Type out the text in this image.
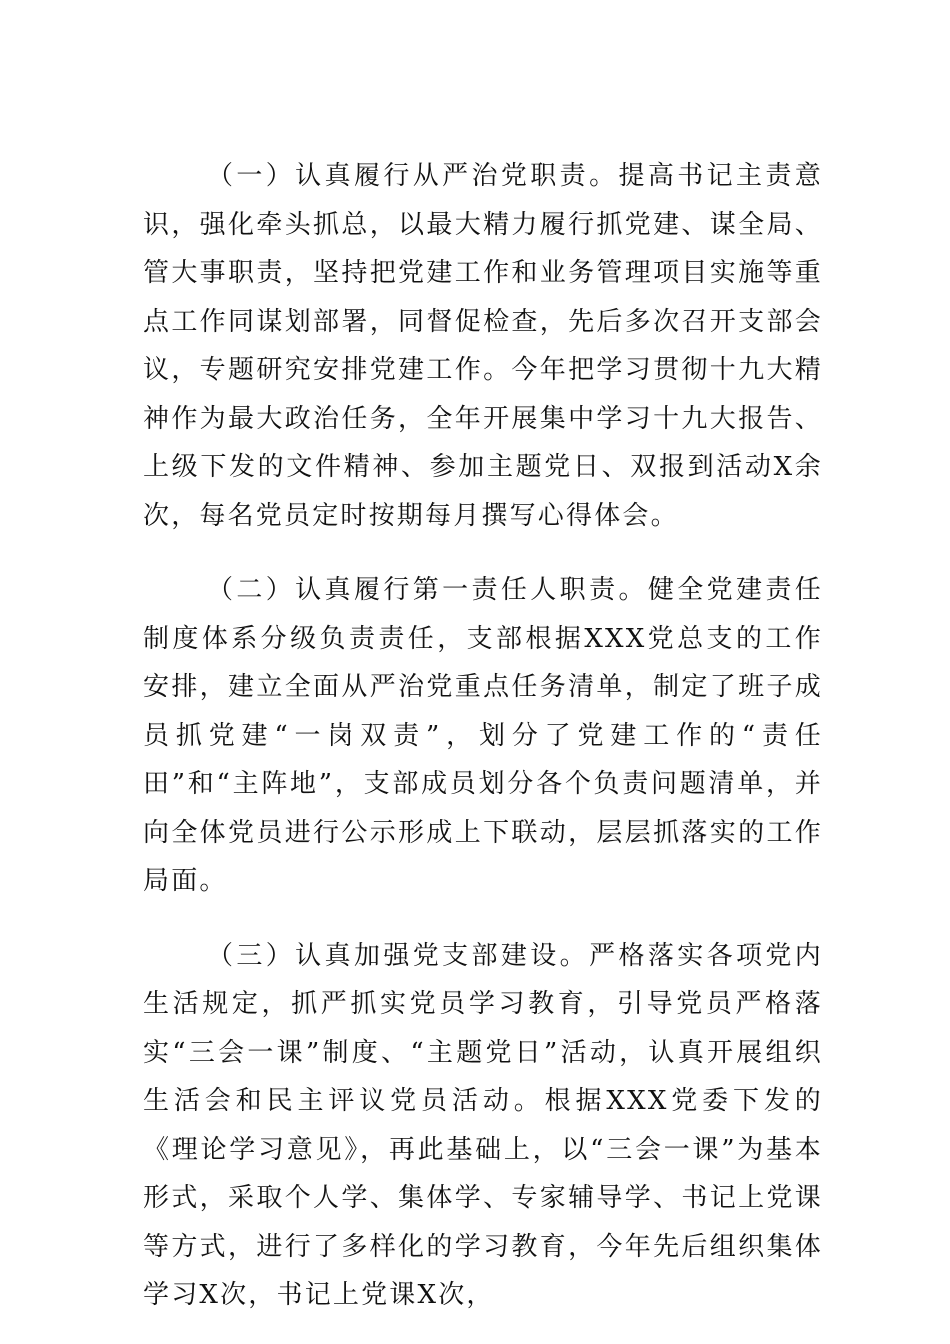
（一）认真履行从严治党职责。提高书记主责意识，强化牵头抓总，以最大精力履行抓党建、谋全局、管大事职责，坚持把党建工作和业务管理项目实施等重点工作同谋划部署，同督促检查，先后多次召开支部会议，专题研究安排党建工作。今年把学习贯彻十九大精神作为最大政治任务，全年开展集中学习十九大报告、上级下发的文件精神、参加主题党日、双报到活动X余次，每名党员定时按期每月撰写心得体会。

（二）认真履行第一责任人职责。健全党建责任制度体系分级负责责任，支部根据XXX党总支的工作安排，建立全面从严治党重点任务清单，制定了班子成员抓党建“一岗双责”，划分了党建工作的“责任田”和“主阵地”，支部成员划分各个负责问题清单，并向全体党员进行公示形成上下联动，层层抓落实的工作局面。

（三）认真加强党支部建设。严格落实各项党内生活规定，抓严抓实党员学习教育，引导党员严格落实“三会一课”制度、“主题党日”活动，认真开展组织生活会和民主评议党员活动。根据XXX党委下发的《理论学习意见》，再此基础上，以“三会一课”为基本形式，采取个人学、集体学、专家辅导学、书记上党课等方式，进行了多样化的学习教育，今年先后组织集体学习X次，书记上党课X次，
